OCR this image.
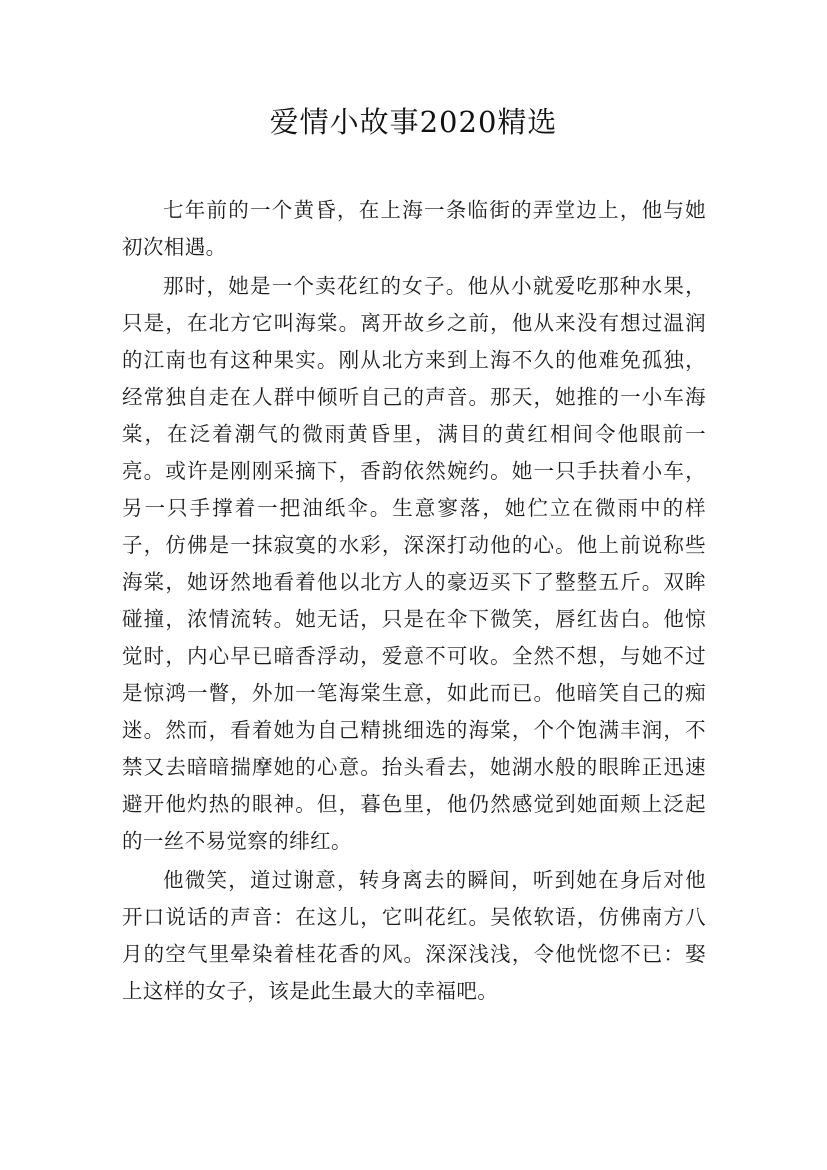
爱情小故事2020精选

七年前的一个黄昏，在上海一条临街的弄堂边上，他与她初次相遇。

那时，她是一个卖花红的女子。他从小就爱吃那种水果，只是，在北方它叫海棠。离开故乡之前，他从来没有想过温润的江南也有这种果实。刚从北方来到上海不久的他难免孤独，经常独自走在人群中倾听自己的声音。那天，她推的一小车海棠，在泛着潮气的微雨黄昏里，满目的黄红相间令他眼前一亮。或许是刚刚采摘下，香韵依然婉约。她一只手扶着小车，另一只手撑着一把油纸伞。生意寥落，她伫立在微雨中的样子，仿佛是一抹寂寞的水彩，深深打动他的心。他上前说称些海棠，她讶然地看着他以北方人的豪迈买下了整整五斤。双眸碰撞，浓情流转。她无话，只是在伞下微笑，唇红齿白。他惊觉时，内心早已暗香浮动，爱意不可收。全然不想，与她不过是惊鸿一瞥，外加一笔海棠生意，如此而已。他暗笑自己的痴迷。然而，看着她为自己精挑细选的海棠，个个饱满丰润，不禁又去暗暗揣摩她的心意。抬头看去，她湖水般的眼眸正迅速避开他灼热的眼神。但，暮色里，他仍然感觉到她面颊上泛起的一丝不易觉察的绯红。

他微笑，道过谢意，转身离去的瞬间，听到她在身后对他开口说话的声音：在这儿，它叫花红。吴侬软语，仿佛南方八月的空气里晕染着桂花香的风。深深浅浅，令他恍惚不已：娶上这样的女子，该是此生最大的幸福吧。
